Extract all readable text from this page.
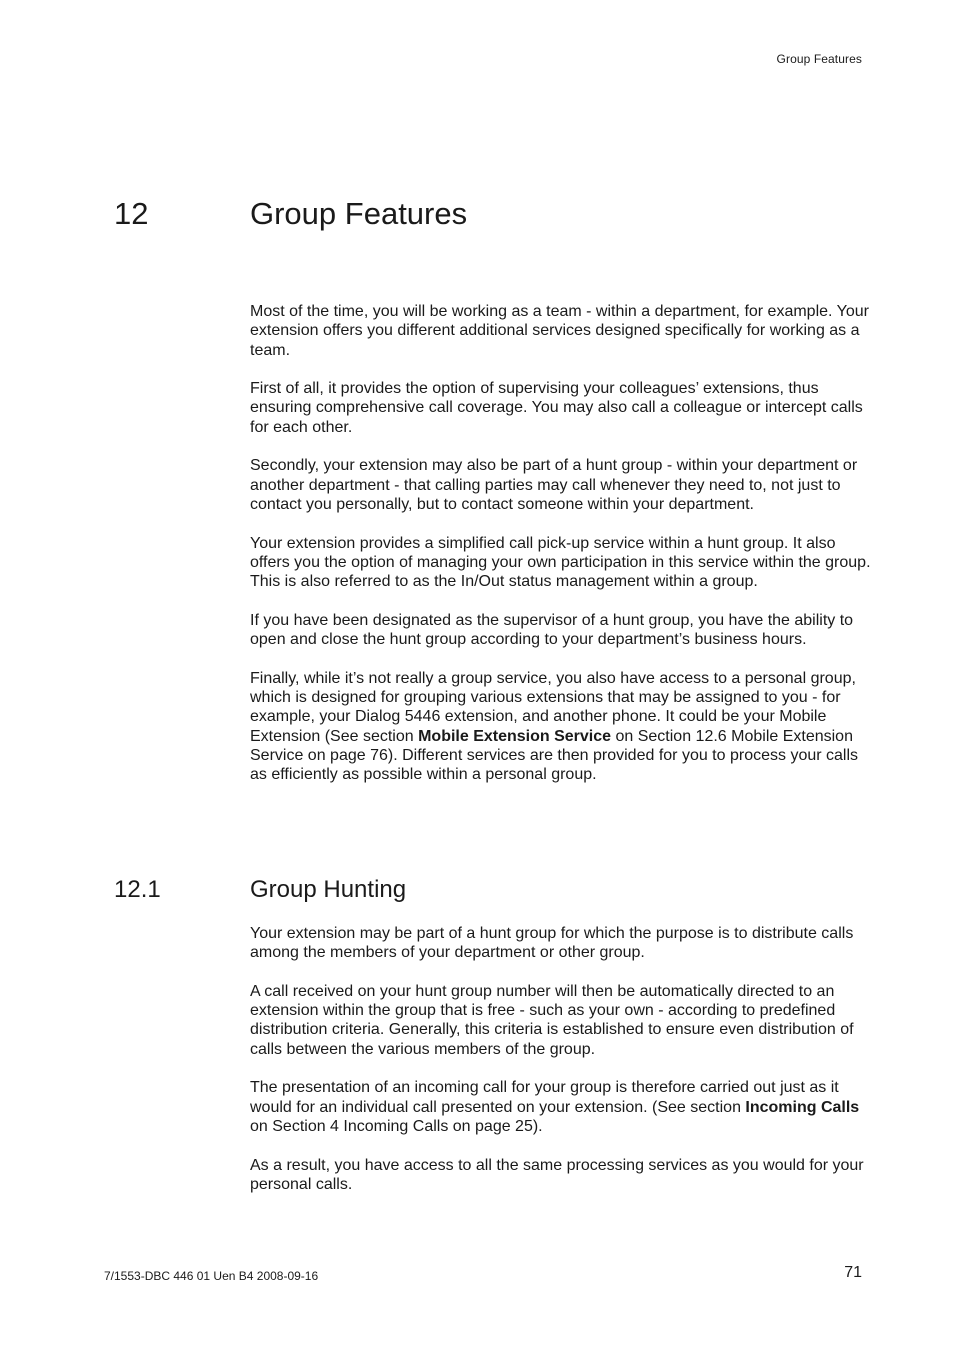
Group Features
12	Group Features

Most of the time, you will be working as a team - within a department, for example. Your extension offers you different additional services designed specifically for working as a team.

First of all, it provides the option of supervising your colleagues’ extensions, thus ensuring comprehensive call coverage. You may also call a colleague or intercept calls for each other.

Secondly, your extension may also be part of a hunt group - within your department or another department - that calling parties may call whenever they need to, not just to contact you personally, but to contact someone within your department.

Your extension provides a simplified call pick-up service within a hunt group. It also offers you the option of managing your own participation in this service within the group. This is also referred to as the In/Out status management within a group.

If you have been designated as the supervisor of a hunt group, you have the ability to open and close the hunt group according to your department’s business hours.

Finally, while it’s not really a group service, you also have access to a personal group, which is designed for grouping various extensions that may be assigned to you - for example, your Dialog 5446 extension, and another phone. It could be your Mobile Extension (See section Mobile Extension Service on Section 12.6 Mobile Extension Service on page 76). Different services are then provided for you to process your calls as efficiently as possible within a personal group.

12.1	Group Hunting

Your extension may be part of a hunt group for which the purpose is to distribute calls among the members of your department or other group.

A call received on your hunt group number will then be automatically directed to an extension within the group that is free - such as your own - according to predefined distribution criteria. Generally, this criteria is established to ensure even distribution of calls between the various members of the group.

The presentation of an incoming call for your group is therefore carried out just as it would for an individual call presented on your extension. (See section Incoming Calls on Section 4 Incoming Calls on page 25).

As a result, you have access to all the same processing services as you would for your personal calls.

7/1553-DBC 446 01 Uen B4 2008-09-16	71
